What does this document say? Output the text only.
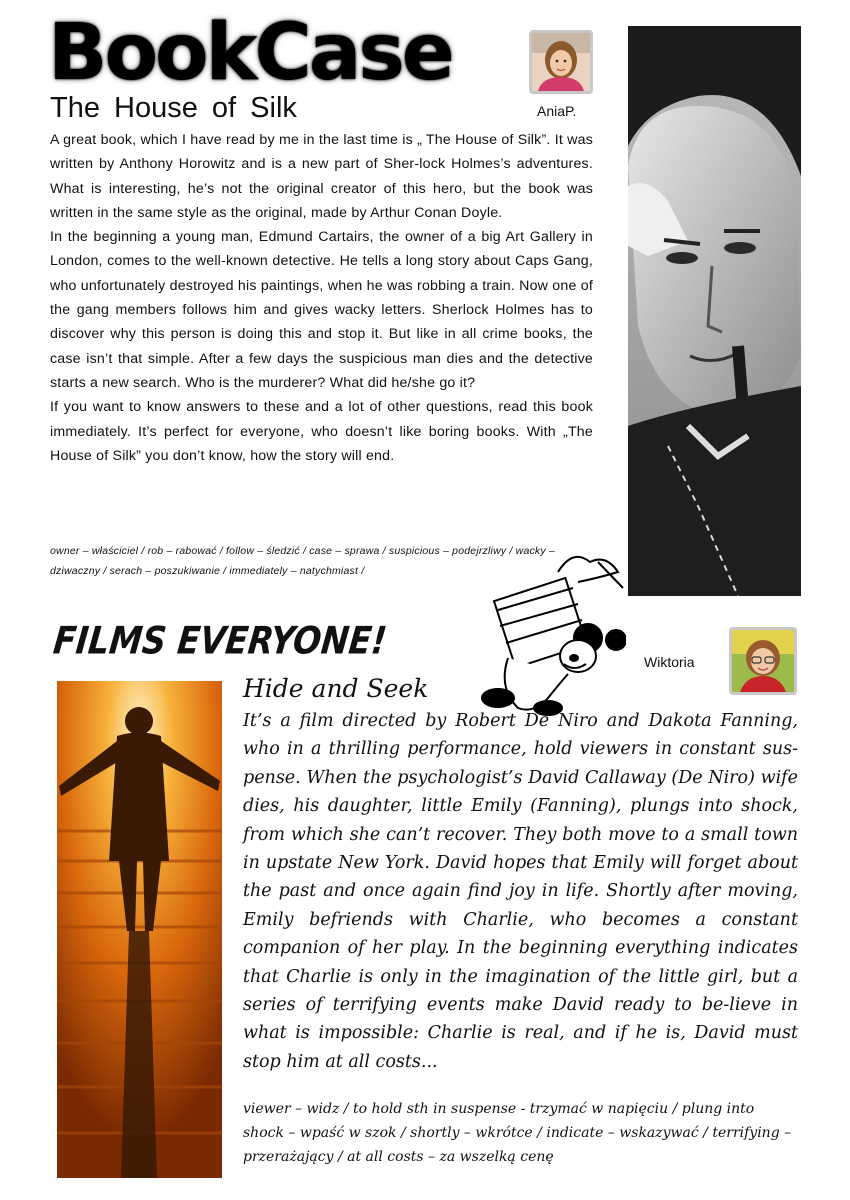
BookCase
The House of Silk	AniaP.

A great book, which I have read by me in the last time is „ The House of Silk”. It was written by Anthony Horowitz and is a new part of Sher-lock Holmes’s adventures. What is interesting, he’s not the original creator of this hero, but the book was written in the same style as the original, made by Arthur Conan Doyle.

In the beginning a young man, Edmund Cartairs, the owner of a big Art Gallery in London, comes to the well-known detective. He tells a long story about Caps Gang, who unfortunately destroyed his paintings, when he was robbing a train. Now one of the gang members follows him and gives wacky letters. Sherlock Holmes has to discover why this person is doing this and stop it. But like in all crime books, the case isn’t that simple. After a few days the suspicious man dies and the detective starts a new search. Who is the murderer? What did he/she go it?

If you want to know answers to these and a lot of other questions, read this book immediately. It’s perfect for everyone, who doesn’t like boring books. With „The House of Silk” you don’t know, how the story will end.

owner – właściciel / rob – rabować / follow – śledzić / case – sprawa / suspicious – podejrzliwy / wacky – dziwaczny / serach – poszukiwanie / immediately – natychmiast /
FILMS EVERYONE!	Wiktoria
Hide and Seek

It’s a film directed by Robert De Niro and Dakota Fanning, who in a thrilling performance, hold viewers in constant sus-pense. When the psychologist’s David Callaway (De Niro) wife dies, his daughter, little Emily (Fanning), plungs into shock, from which she can’t recover. They both move to a small town in upstate New York. David hopes that Emily will forget about the past and once again find joy in life. Shortly after moving, Emily befriends with Charlie, who becomes a constant companion of her play. In the beginning everything indicates that Charlie is only in the imagination of the little girl, but a series of terrifying events make David ready to be-lieve in what is impossible: Charlie is real, and if he is, David must stop him at all costs...

viewer – widz / to hold sth in suspense - trzymać w napięciu / plung into shock – wpaść w szok / shortly – wkrótce / indicate – wskazywać / terrifying – przerażający / at all costs – za wszelką cenę
